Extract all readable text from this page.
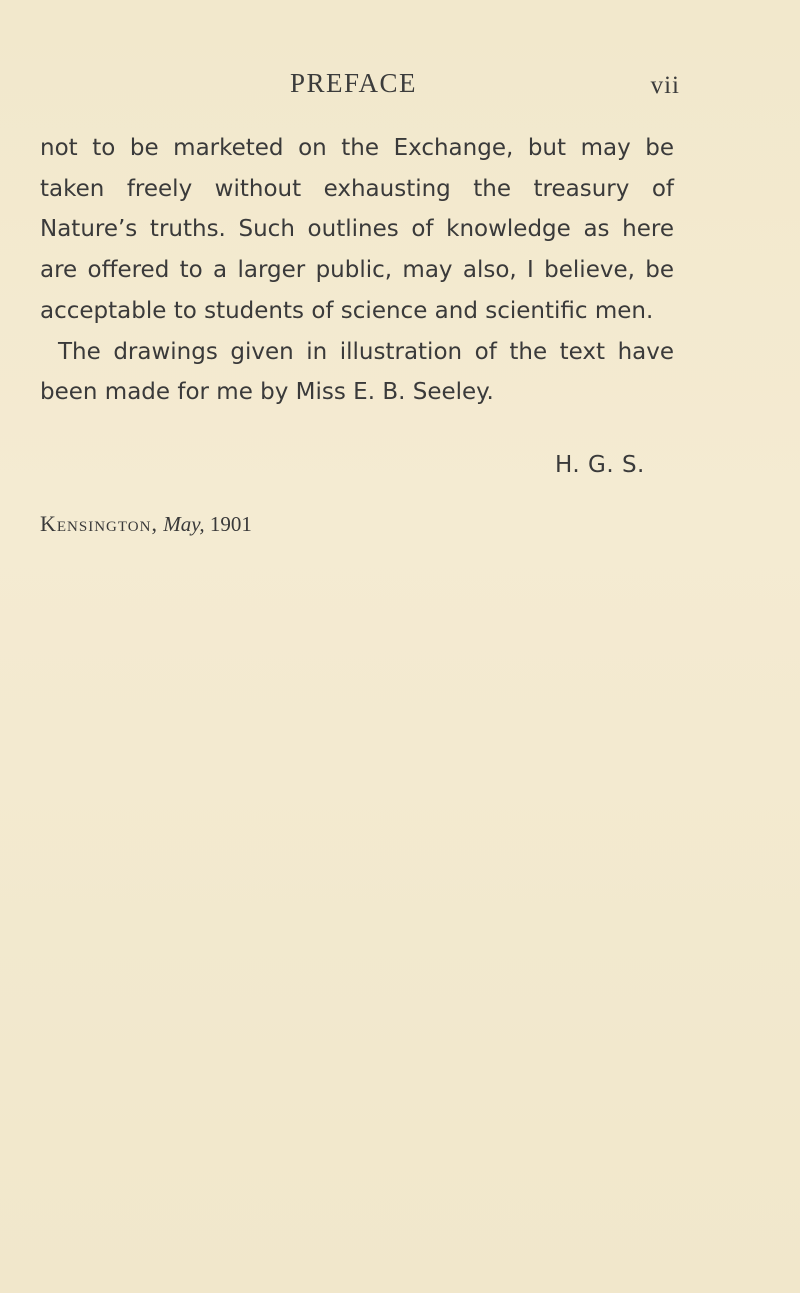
PREFACE	vii

not to be marketed on the Exchange, but may be taken freely without exhausting the treasury of Nature’s truths. Such outlines of knowledge as here are offered to a larger public, may also, I believe, be acceptable to students of science and scientific men.

The drawings given in illustration of the text have been made for me by Miss E. B. Seeley.

H. G. S.
Kensington, May, 1901
